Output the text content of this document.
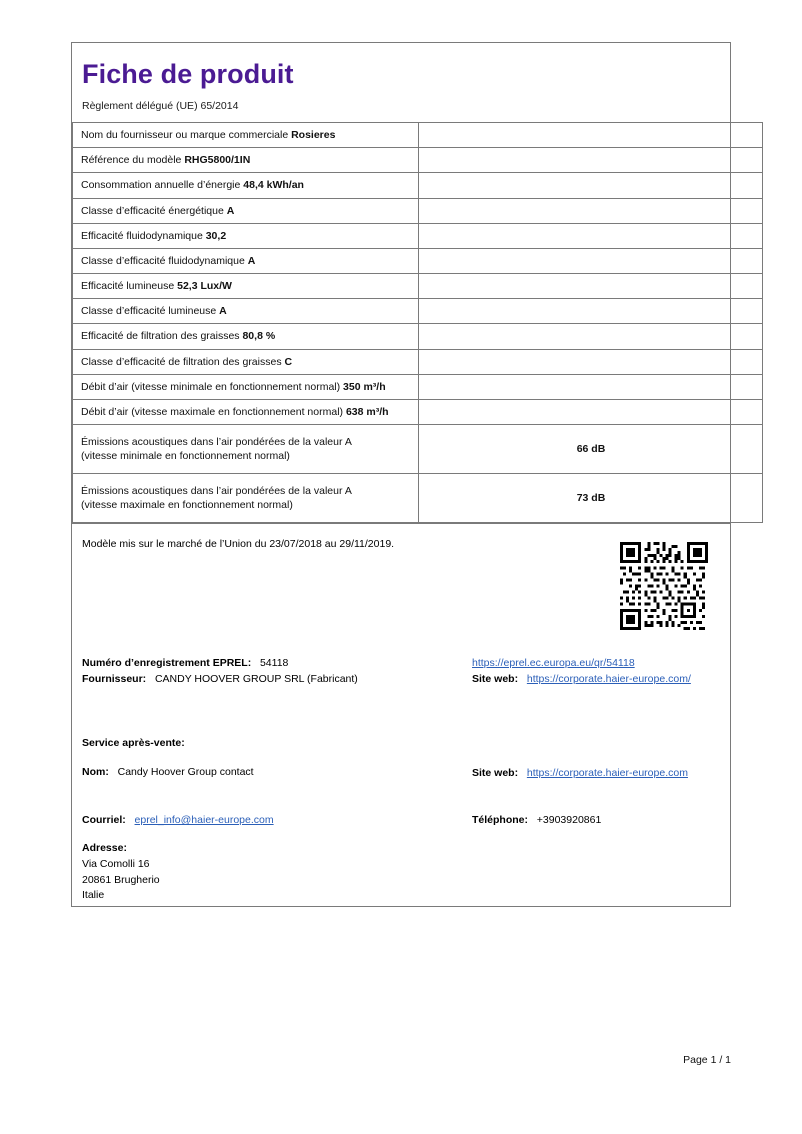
Fiche de produit
Règlement délégué (UE) 65/2014
Nom du fournisseur ou marque commerciale Rosieres	
Référence du modèle RHG5800/1IN	
Consommation annuelle d’énergie 48,4 kWh/an	
Classe d’efficacité énergétique A	
Efficacité fluidodynamique 30,2	
Classe d’efficacité fluidodynamique A	
Efficacité lumineuse 52,3 Lux/W	
Classe d’efficacité lumineuse A	
Efficacité de filtration des graisses 80,8 %	
Classe d’efficacité de filtration des graisses C	
Débit d’air (vitesse minimale en fonctionnement normal) 350 m³/h	
Débit d’air (vitesse maximale en fonctionnement normal) 638 m³/h	

Émissions acoustiques dans l’air pondérées de la valeur A
(vitesse minimale en fonctionnement normal)	66 dB

Émissions acoustiques dans l’air pondérées de la valeur A
(vitesse maximale en fonctionnement normal)	73 dB
Modèle mis sur le marché de l’Union du 23/07/2018 au 29/11/2019.
Numéro d’enregistrement EPREL: 54118
Fournisseur: CANDY HOOVER GROUP SRL (Fabricant)
https://eprel.ec.europa.eu/qr/54118
Site web: https://corporate.haier-europe.com/
Service après-vente:
Nom: Candy Hoover Group contact	Site web: https://corporate.haier-europe.com
Courriel: eprel_info@haier-europe.com	Téléphone: +3903920861
Adresse:
Via Comolli 16
20861 Brugherio
Italie
Page 1 / 1
